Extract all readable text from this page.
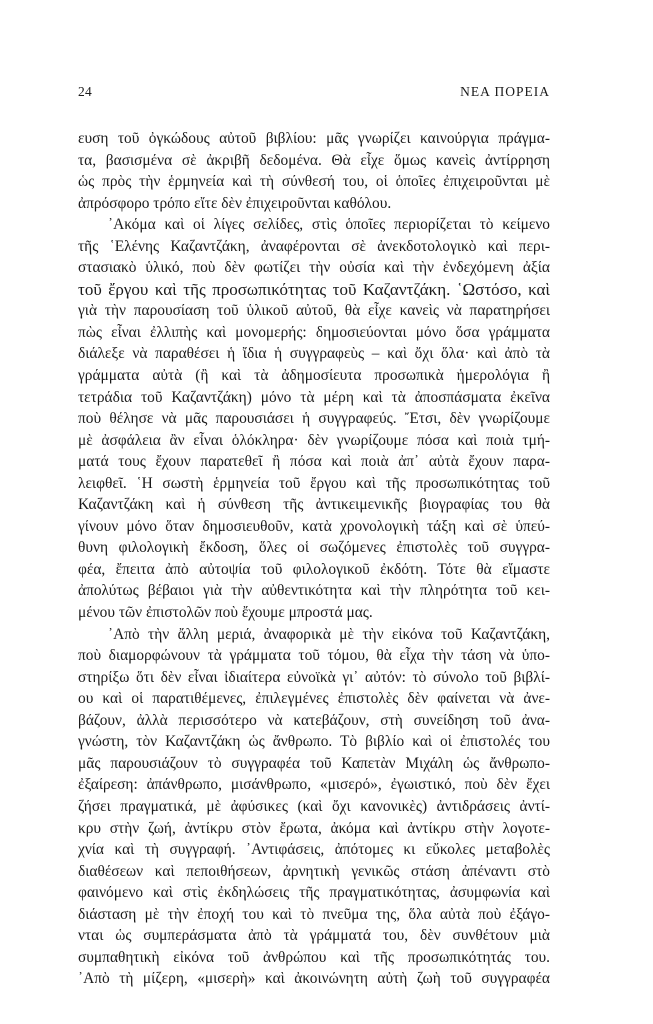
24	ΝΕΑ ΠΟΡΕΙΑ
ευση τοῦ ὀγκώδους αὐτοῦ βιβλίου: μᾶς γνωρίζει καινούργια πράγμα-
τα, βασισμένα σὲ ἀκριβῆ δεδομένα. Θὰ εἶχε ὅμως κανεὶς ἀντίρρηση
ὡς πρὸς τὴν ἑρμηνεία καὶ τὴ σύνθεσή του, οἱ ὁποῖες ἐπιχειροῦνται μὲ
ἀπρόσφορο τρόπο εἴτε δὲν ἐπιχειροῦνται καθόλου.
᾿Ακόμα καὶ οἱ λίγες σελίδες, στὶς ὁποῖες περιορίζεται τὸ κείμενο
τῆς ῾Ελένης Καζαντζάκη, ἀναφέρονται σὲ ἀνεκδοτολογικὸ καὶ περι-
στασιακὸ ὑλικό, ποὺ δὲν φωτίζει τὴν οὐσία καὶ τὴν ἐνδεχόμενη ἀξία
τοῦ ἔργου καὶ τῆς προσωπικότητας τοῦ Καζαντζάκη. ῾Ωστόσο, καὶ
γιὰ τὴν παρουσίαση τοῦ ὑλικοῦ αὐτοῦ, θὰ εἶχε κανεὶς νὰ παρατηρήσει
πὼς εἶναι ἐλλιπὴς καὶ μονομερής: δημοσιεύονται μόνο ὅσα γράμματα
διάλεξε νὰ παραθέσει ἡ ἴδια ἡ συγγραφεὺς – καὶ ὄχι ὅλα· καὶ ἀπὸ τὰ
γράμματα αὐτὰ (ἢ καὶ τὰ ἀδημοσίευτα προσωπικὰ ἡμερολόγια ἢ
τετράδια τοῦ Καζαντζάκη) μόνο τὰ μέρη καὶ τὰ ἀποσπάσματα ἐκεῖνα
ποὺ θέλησε νὰ μᾶς παρουσιάσει ἡ συγγραφεύς. Ἔτσι, δὲν γνωρίζουμε
μὲ ἀσφάλεια ἂν εἶναι ὁλόκληρα· δὲν γνωρίζουμε πόσα καὶ ποιὰ τμή-
ματά τους ἔχουν παρατεθεῖ ἢ πόσα καὶ ποιὰ ἀπ᾿ αὐτὰ ἔχουν παρα-
λειφθεῖ. ῾Η σωστὴ ἑρμηνεία τοῦ ἔργου καὶ τῆς προσωπικότητας τοῦ
Καζαντζάκη καὶ ἡ σύνθεση τῆς ἀντικειμενικῆς βιογραφίας του θὰ
γίνουν μόνο ὅταν δημοσιευθοῦν, κατὰ χρονολογικὴ τάξη καὶ σὲ ὑπεύ-
θυνη φιλολογικὴ ἔκδοση, ὅλες οἱ σωζόμενες ἐπιστολὲς τοῦ συγγρα-
φέα, ἔπειτα ἀπὸ αὐτοψία τοῦ φιλολογικοῦ ἐκδότη. Τότε θὰ εἴμαστε
ἀπολύτως βέβαιοι γιὰ τὴν αὐθεντικότητα καὶ τὴν πληρότητα τοῦ κει-
μένου τῶν ἐπιστολῶν ποὺ ἔχουμε μπροστά μας.
᾿Απὸ τὴν ἄλλη μεριά, ἀναφορικὰ μὲ τὴν εἰκόνα τοῦ Καζαντζάκη,
ποὺ διαμορφώνουν τὰ γράμματα τοῦ τόμου, θὰ εἶχα τὴν τάση νὰ ὑπο-
στηρίξω ὅτι δὲν εἶναι ἰδιαίτερα εὐνοϊκὰ γι᾿ αὐτόν: τὸ σύνολο τοῦ βιβλί-
ου καὶ οἱ παρατιθέμενες, ἐπιλεγμένες ἐπιστολὲς δὲν φαίνεται νὰ ἀνε-
βάζουν, ἀλλὰ περισσότερο νὰ κατεβάζουν, στὴ συνείδηση τοῦ ἀνα-
γνώστη, τὸν Καζαντζάκη ὡς ἄνθρωπο. Τὸ βιβλίο καὶ οἱ ἐπιστολές του
μᾶς παρουσιάζουν τὸ συγγραφέα τοῦ Καπετὰν Μιχάλη ὡς ἄνθρωπο-
ἐξαίρεση: ἀπάνθρωπο, μισάνθρωπο, «μισερό», ἐγωιστικό, ποὺ δὲν ἔχει
ζήσει πραγματικά, μὲ ἀφύσικες (καὶ ὄχι κανονικὲς) ἀντιδράσεις ἀντί-
κρυ στὴν ζωή, ἀντίκρυ στὸν ἔρωτα, ἀκόμα καὶ ἀντίκρυ στὴν λογοτε-
χνία καὶ τὴ συγγραφή. ᾿Αντιφάσεις, ἀπότομες κι εὔκολες μεταβολὲς
διαθέσεων καὶ πεποιθήσεων, ἀρνητικὴ γενικῶς στάση ἀπέναντι στὸ
φαινόμενο καὶ στὶς ἐκδηλώσεις τῆς πραγματικότητας, ἀσυμφωνία καὶ
διάσταση μὲ τὴν ἐποχή του καὶ τὸ πνεῦμα της, ὅλα αὐτὰ ποὺ ἐξάγο-
νται ὡς συμπεράσματα ἀπὸ τὰ γράμματά του, δὲν συνθέτουν μιὰ
συμπαθητικὴ εἰκόνα τοῦ ἀνθρώπου καὶ τῆς προσωπικότητάς του.
᾿Απὸ τὴ μίζερη, «μισερὴ» καὶ ἀκοινώνητη αὐτὴ ζωὴ τοῦ συγγραφέα
